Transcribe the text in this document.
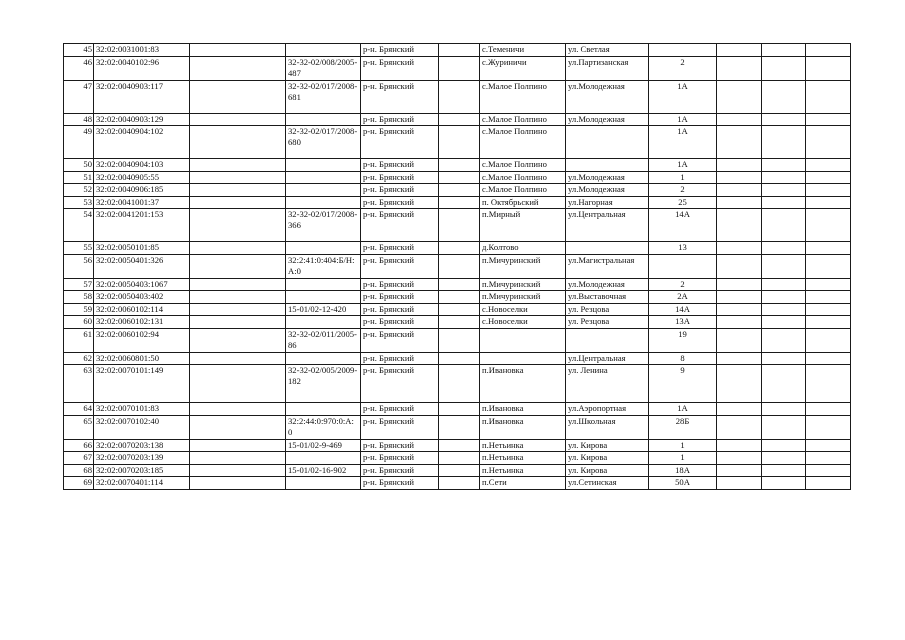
45	32:02:0031001:83			р-н. Брянский		с.Теменичи	ул. Светлая				
46	32:02:0040102:96		32-32-02/008/2005-487	р-н. Брянский		с.Журиничи	ул.Партизанская	2			
47	32:02:0040903:117		32-32-02/017/2008-681	р-н. Брянский		с.Малое Полпино	ул.Молодежная	1А			
48	32:02:0040903:129			р-н. Брянский		с.Малое Полпино	ул.Молодежная	1А			
49	32:02:0040904:102		32-32-02/017/2008-680	р-н. Брянский		с.Малое Полпино		1А			
50	32:02:0040904:103			р-н. Брянский		с.Малое Полпино		1А			
51	32:02:0040905:55			р-н. Брянский		с.Малое Полпино	ул.Молодежная	1			
52	32:02:0040906:185			р-н. Брянский		с.Малое Полпино	ул.Молодежная	2			
53	32:02:0041001:37			р-н. Брянский		п. Октябрьский	ул.Нагорная	25			
54	32:02:0041201:153		32-32-02/017/2008-366	р-н. Брянский		п.Мирный	ул.Центральная	14А			
55	32:02:0050101:85			р-н. Брянский		д.Колтово		13			
56	32:02:0050401:326		32:2:41:0:404:Б/Н:А:0	р-н. Брянский		п.Мичуринский	ул.Магистральная				
57	32:02:0050403:1067			р-н. Брянский		п.Мичуринский	ул.Молодежная	2			
58	32:02:0050403:402			р-н. Брянский		п.Мичуринский	ул.Выставочная	2А			
59	32:02:0060102:114		15-01/02-12-420	р-н. Брянский		с.Новоселки	ул. Резцова	14А			
60	32:02:0060102:131			р-н. Брянский		с.Новоселки	ул. Резцова	13А			
61	32:02:0060102:94		32-32-02/011/2005-86	р-н. Брянский				19			
62	32:02:0060801:50			р-н. Брянский			ул.Центральная	8			
63	32:02:0070101:149		32-32-02/005/2009-182	р-н. Брянский		п.Ивановка	ул. Ленина	9			
64	32:02:0070101:83			р-н. Брянский		п.Ивановка	ул.Аэропортная	1А			
65	32:02:0070102:40		32:2:44:0:970:0:А:0	р-н. Брянский		п.Ивановка	ул.Школьная	28Б			
66	32:02:0070203:138		15-01/02-9-469	р-н. Брянский		п.Нетьинка	ул. Кирова	1			
67	32:02:0070203:139			р-н. Брянский		п.Нетьинка	ул. Кирова	1			
68	32:02:0070203:185		15-01/02-16-902	р-н. Брянский		п.Нетьинка	ул. Кирова	18А			
69	32:02:0070401:114			р-н. Брянский		п.Сети	ул.Сетинская	50А			
